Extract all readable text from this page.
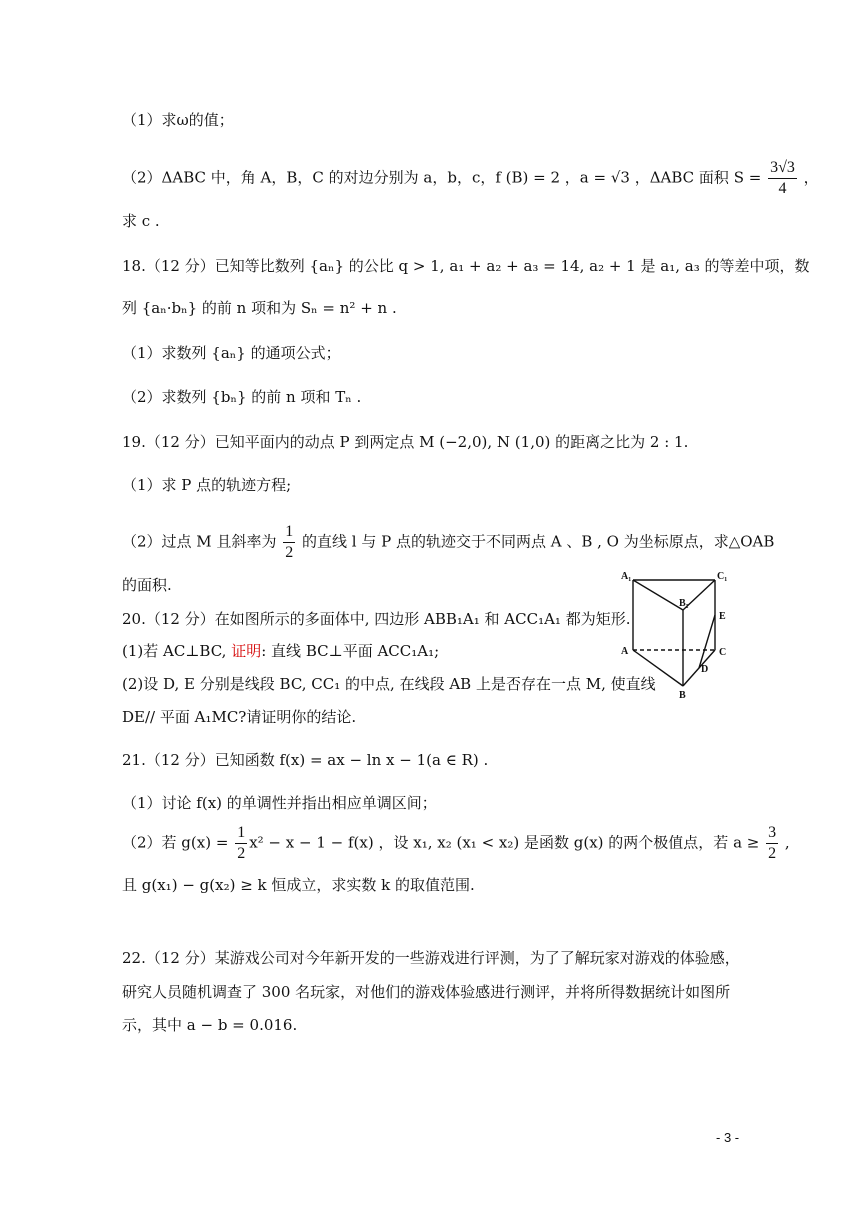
（1）求ω的值；
（2）ΔABC 中，角 A，B，C 的对边分别为 a，b，c，f (B) = 2 ，a = √3 ，ΔABC 面积 $S = \frac{3√3}{4}$ ，
求 c .
18.（12 分）已知等比数列 {aₙ} 的公比 q > 1, a₁ + a₂ + a₃ = 14, a₂ + 1 是 a₁, a₃ 的等差中项，数
列 {aₙ·bₙ} 的前 n 项和为 Sₙ = n² + n .
（1）求数列 {aₙ} 的通项公式；
（2）求数列 {bₙ} 的前 n 项和 Tₙ .
19.（12 分）已知平面内的动点 P 到两定点 M (−2,0), N (1,0) 的距离之比为 2 : 1.
（1）求 P 点的轨迹方程;
（2）过点 M 且斜率为 $\frac{1}{2}$ 的直线 l 与 P 点的轨迹交于不同两点 A 、B , O 为坐标原点，求△OAB
的面积.
20.（12 分）在如图所示的多面体中, 四边形 ABB₁A₁ 和 ACC₁A₁ 都为矩形.
(1)若 AC⊥BC, 证明: 直线 BC⊥平面 ACC₁A₁;
(2)设 D, E 分别是线段 BC, CC₁ 的中点, 在线段 AB 上是否存在一点 M, 使直线
DE// 平面 A₁MC?请证明你的结论.
A₁	C₁
B₁
E
A	C
D
B
21.（12 分）已知函数 f(x) = ax − ln x − 1(a ∈ R) .
（1）讨论 f(x) 的单调性并指出相应单调区间；
（2）若 $g(x) = \frac{1}{2} x^2 - x - 1 - f(x)$ ，设 x₁, x₂ (x₁ < x₂) 是函数 g(x) 的两个极值点，若 $a \ge \frac{3}{2}$ ,
且 g(x₁) − g(x₂) ≥ k 恒成立，求实数 k 的取值范围.
22.（12 分）某游戏公司对今年新开发的一些游戏进行评测，为了了解玩家对游戏的体验感，
研究人员随机调查了 300 名玩家，对他们的游戏体验感进行测评，并将所得数据统计如图所
示，其中 a − b = 0.016.
- 3 -
